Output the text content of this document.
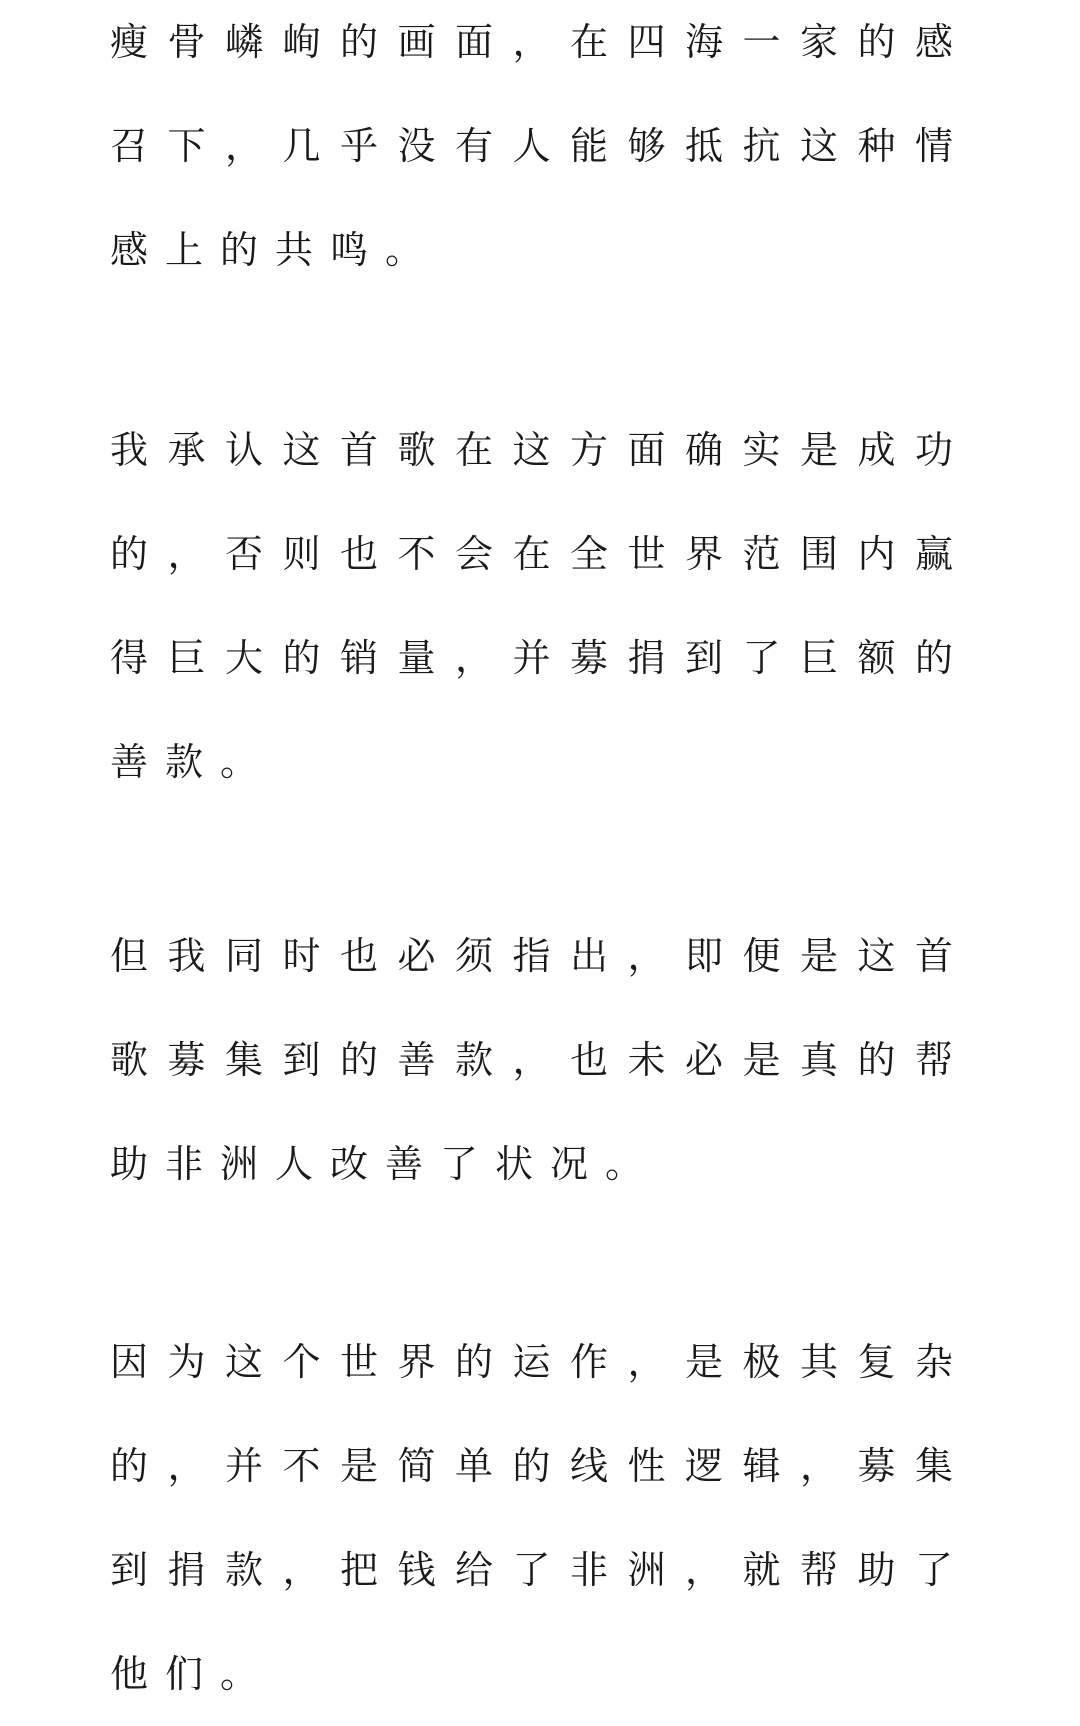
瘦骨嶙峋的画面，在四海一家的感召下，几乎没有人能够抵抗这种情感上的共鸣。

我承认这首歌在这方面确实是成功的，否则也不会在全世界范围内赢得巨大的销量，并募捐到了巨额的善款。

但我同时也必须指出，即便是这首歌募集到的善款，也未必是真的帮助非洲人改善了状况。

因为这个世界的运作，是极其复杂的，并不是简单的线性逻辑，募集到捐款，把钱给了非洲，就帮助了他们。
